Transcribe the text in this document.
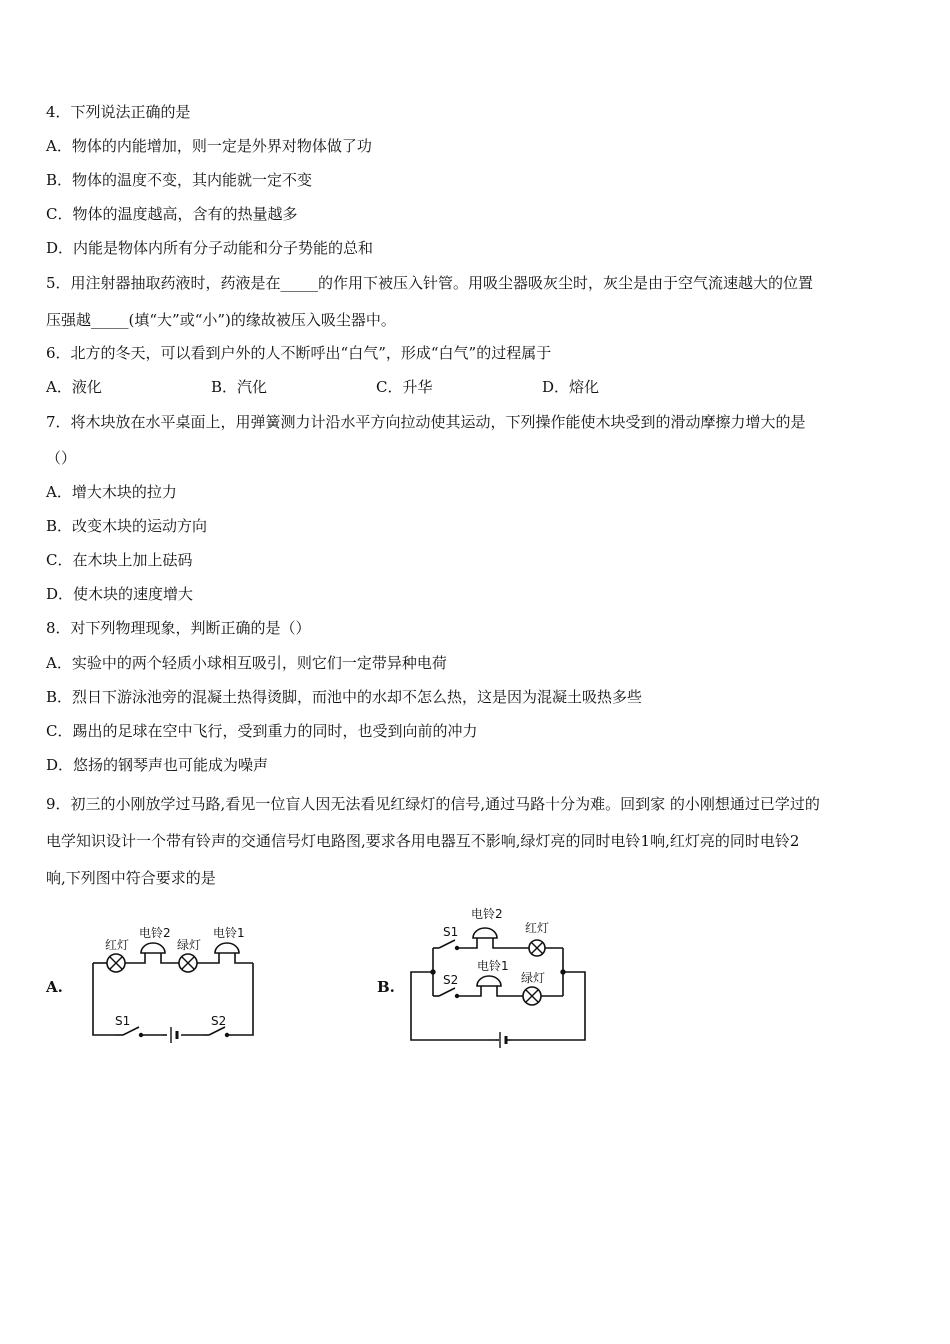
4．下列说法正确的是
A．物体的内能增加，则一定是外界对物体做了功
B．物体的温度不变，其内能就一定不变
C．物体的温度越高，含有的热量越多
D．内能是物体内所有分子动能和分子势能的总和
5．用注射器抽取药液时，药液是在_____的作用下被压入针管。用吸尘器吸灰尘时，灰尘是由于空气流速越大的位置
压强越_____(填“大”或“小”)的缘故被压入吸尘器中。
6．北方的冬天，可以看到户外的人不断呼出“白气”，形成“白气”的过程属于
A．液化	B．汽化	C．升华	D．熔化
7．将木块放在水平桌面上，用弹簧测力计沿水平方向拉动使其运动，下列操作能使木块受到的滑动摩擦力增大的是
（）
A．增大木块的拉力
B．改变木块的运动方向
C．在木块上加上砝码
D．使木块的速度增大
8．对下列物理现象，判断正确的是（）
A．实验中的两个轻质小球相互吸引，则它们一定带异种电荷
B．烈日下游泳池旁的混凝土热得烫脚，而池中的水却不怎么热，这是因为混凝土吸热多些
C．踢出的足球在空中飞行，受到重力的同时，也受到向前的冲力
D．悠扬的钢琴声也可能成为噪声
9．初三的小刚放学过马路,看见一位盲人因无法看见红绿灯的信号,通过马路十分为难。回到家 的小刚想通过已学过的
电学知识设计一个带有铃声的交通信号灯电路图,要求各用电器互不影响,绿灯亮的同时电铃1响,红灯亮的同时电铃2
响,下列图中符合要求的是
A.
红灯
电铃2
绿灯
电铃1
S1	S2
B.
电铃2
红灯
电铃1
绿灯
S1
S2
